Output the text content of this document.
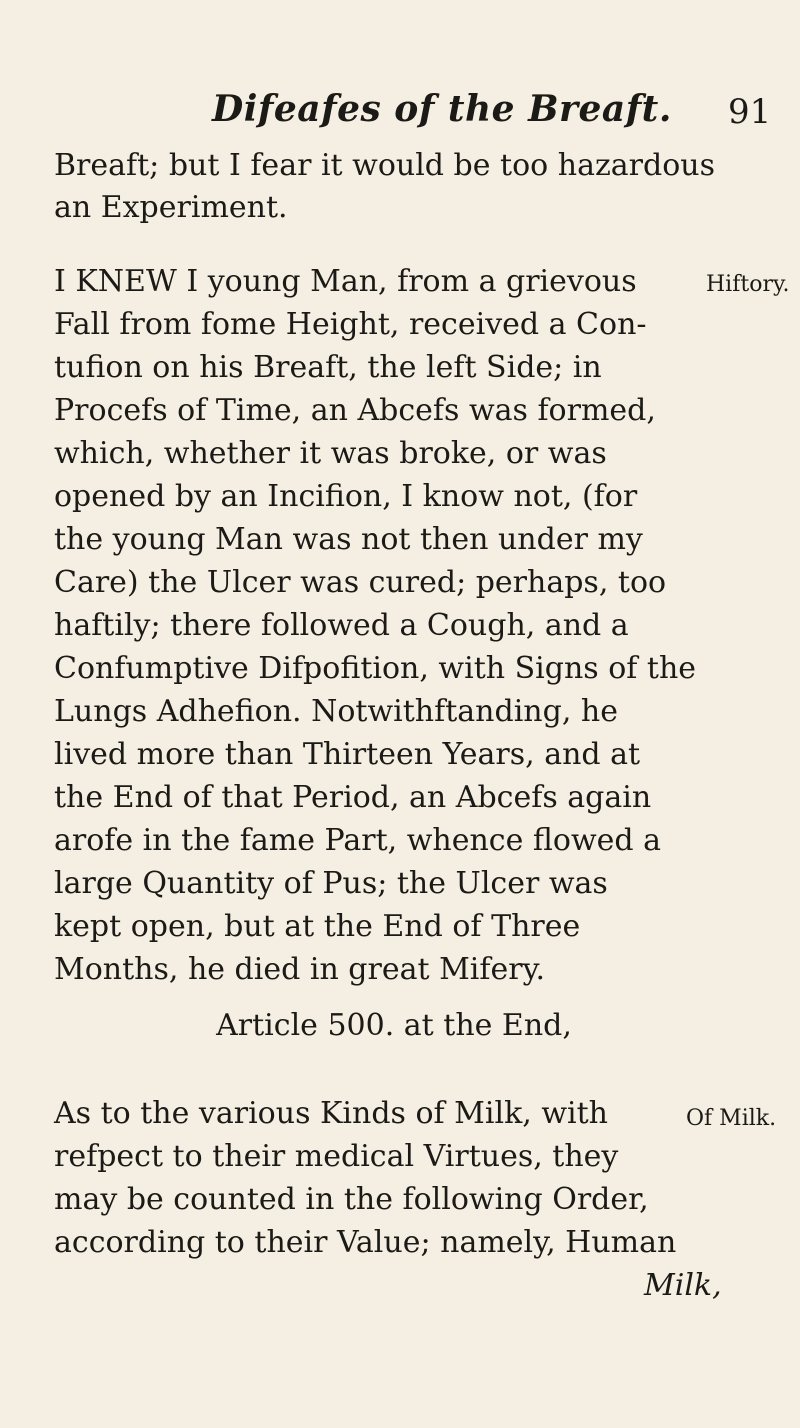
Difeafes of the Breaft. 91
Breaft; but I fear it would be too hazardous
an Experiment.
I KNEW I young Man, from a grievous
Fall from fome Height, received a Con-
tufion on his Breaft, the left Side; in
Procefs of Time, an Abcefs was formed,
which, whether it was broke, or was
opened by an Incifion, I know not, (for
the young Man was not then under my
Care) the Ulcer was cured; perhaps, too
haftily; there followed a Cough, and a
Confumptive Difpofition, with Signs of the
Lungs Adhefion. Notwithftanding, he
lived more than Thirteen Years, and at
the End of that Period, an Abcefs again
arofe in the fame Part, whence flowed a
large Quantity of Pus; the Ulcer was
kept open, but at the End of Three
Months, he died in great Mifery.
Hiftory.
Article 500. at the End,
As to the various Kinds of Milk, with
refpect to their medical Virtues, they
may be counted in the following Order,
according to their Value; namely, Human
Milk,
Of Milk.
